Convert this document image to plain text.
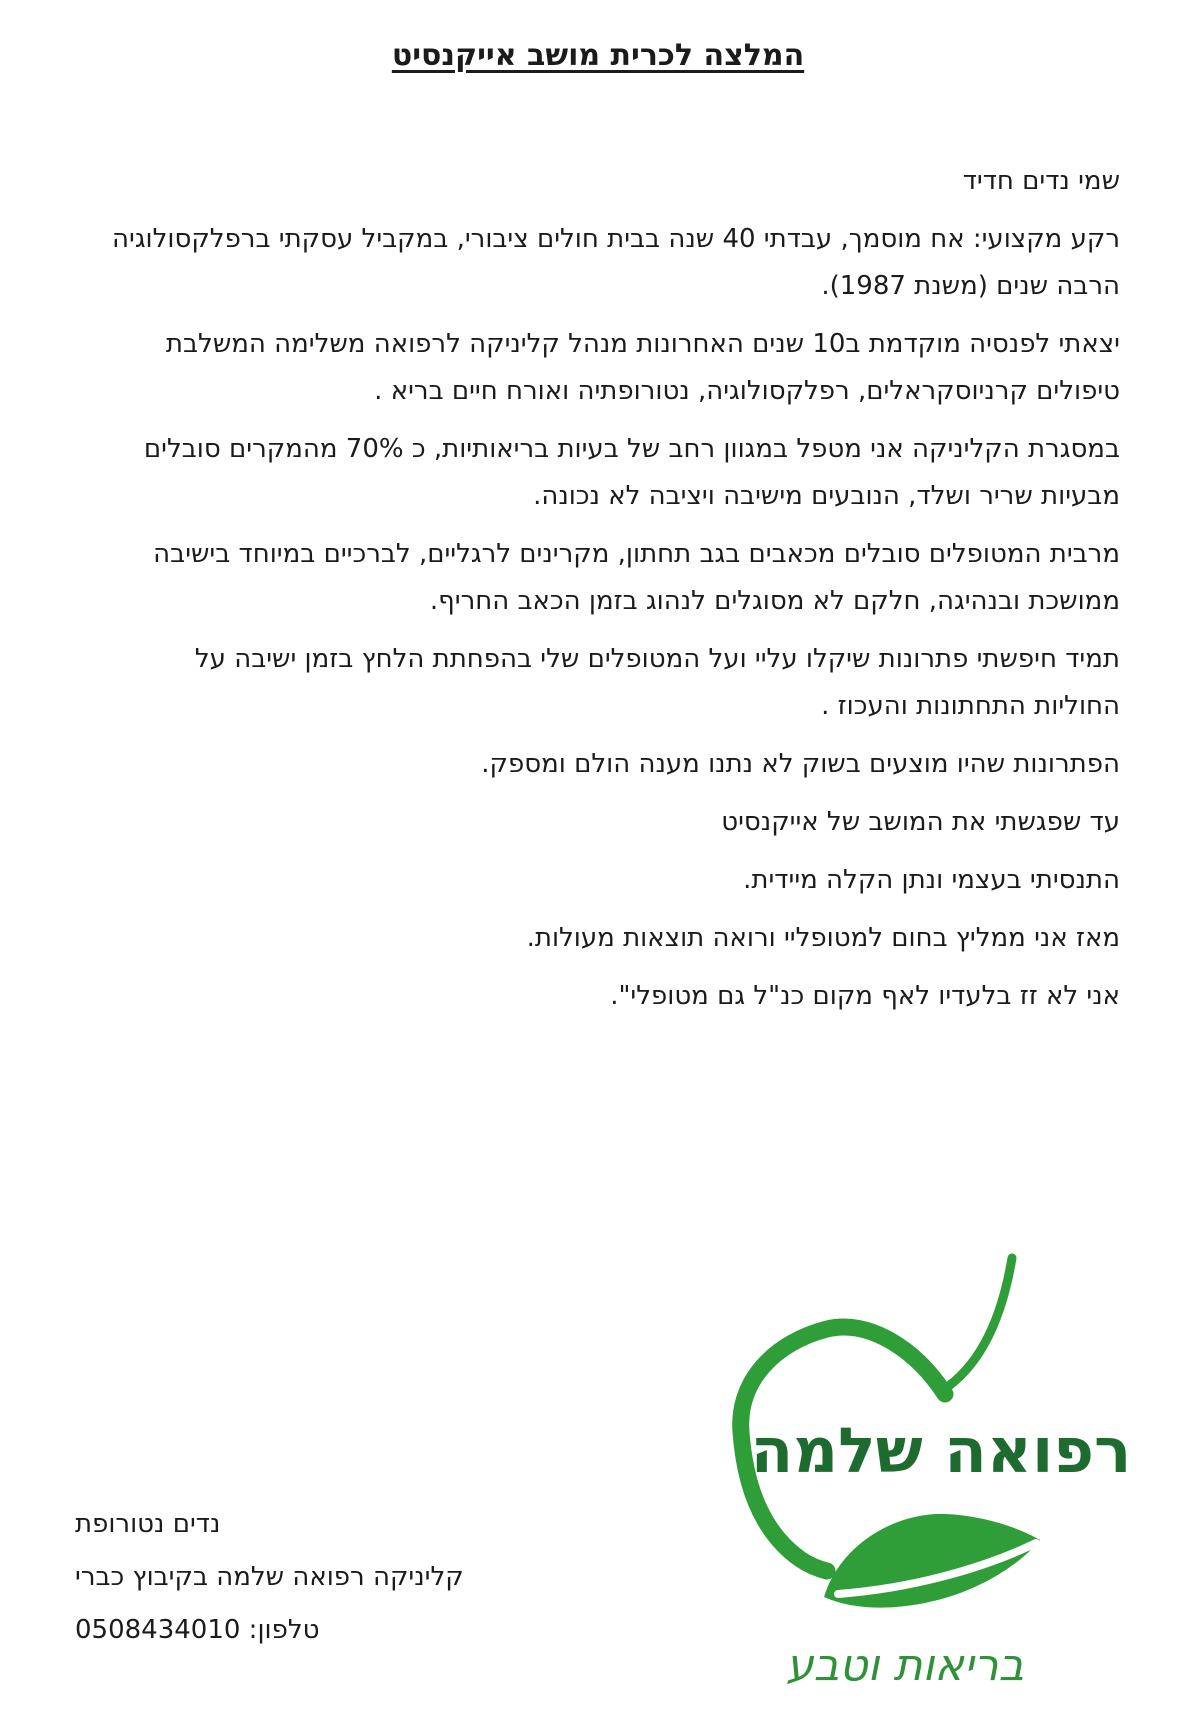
המלצה לכרית מושב אייקנסיט
שמי נדים חדיד
רקע מקצועי: אח מוסמך, עבדתי 40 שנה בבית חולים ציבורי, במקביל עסקתי ברפלקסולוגיה
הרבה שנים (משנת 1987).
יצאתי לפנסיה מוקדמת ב10 שנים האחרונות מנהל קליניקה לרפואה משלימה המשלבת
טיפולים קרניוסקראלים, רפלקסולוגיה, נטורופתיה ואורח חיים בריא .
במסגרת הקליניקה אני מטפל במגוון רחב של בעיות בריאותיות, כ 70% מהמקרים סובלים
מבעיות שריר ושלד, הנובעים מישיבה ויציבה לא נכונה.
מרבית המטופלים סובלים מכאבים בגב תחתון, מקרינים לרגליים, לברכיים במיוחד בישיבה
ממושכת ובנהיגה, חלקם לא מסוגלים לנהוג בזמן הכאב החריף.
תמיד חיפשתי פתרונות שיקלו עליי ועל המטופלים שלי בהפחתת הלחץ בזמן ישיבה על
החוליות התחתונות והעכוז .
הפתרונות שהיו מוצעים בשוק לא נתנו מענה הולם ומספק.
עד שפגשתי את המושב של אייקנסיט
התנסיתי בעצמי ונתן הקלה מיידית.
מאז אני ממליץ בחום למטופליי ורואה תוצאות מעולות.
אני לא זז בלעדיו לאף מקום כנ"ל גם מטופלי".
נדים נטורופת
קליניקה רפואה שלמה בקיבוץ כברי
טלפון: 0508434010
רפואה שלמה
בריאות וטבע
